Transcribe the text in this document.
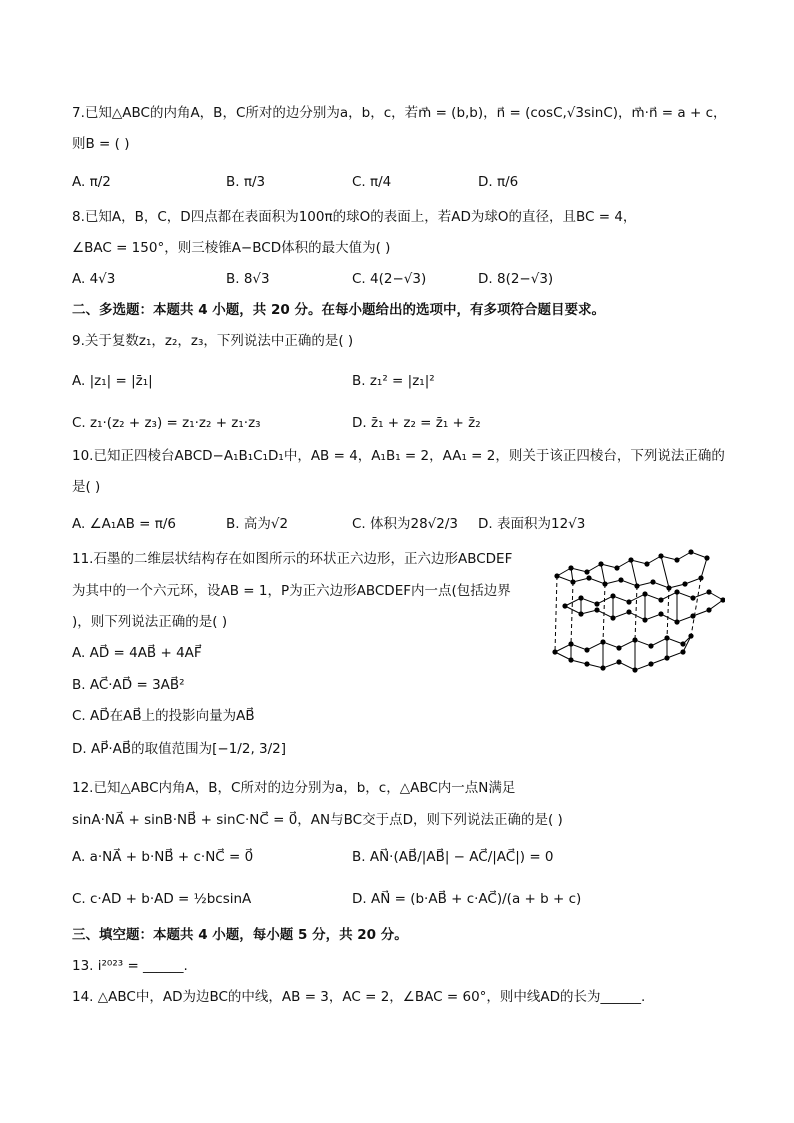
7.已知△ABC的内角A，B，C所对的边分别为a，b，c，若m⃗ = (b,b)，n⃗ = (cosC,√3sinC)，m⃗·n⃗ = a + c，
则B = ( )
A. π/2	B. π/3	C. π/4	D. π/6
8.已知A，B，C，D四点都在表面积为100π的球O的表面上，若AD为球O的直径，且BC = 4，
∠BAC = 150°，则三棱锥A−BCD体积的最大值为( )
A. 4√3	B. 8√3	C. 4(2−√3)	D. 8(2−√3)
二、多选题：本题共 4 小题，共 20 分。在每小题给出的选项中，有多项符合题目要求。
9.关于复数z₁，z₂，z₃，下列说法中正确的是( )
A. |z₁| = |z̄₁|	B. z₁² = |z₁|²
C. z₁·(z₂ + z₃) = z₁·z₂ + z₁·z₃	D. z̄₁ + z₂ = z̄₁ + z̄₂
10.已知正四棱台ABCD−A₁B₁C₁D₁中，AB = 4，A₁B₁ = 2，AA₁ = 2，则关于该正四棱台，下列说法正确的
是( )
A. ∠A₁AB = π/6	B. 高为√2	C. 体积为28√2/3 D. 表面积为12√3
11.石墨的二维层状结构存在如图所示的环状正六边形，正六边形ABCDEF
为其中的一个六元环，设AB = 1，P为正六边形ABCDEF内一点(包括边界
)，则下列说法正确的是( )
A. AD⃗ = 4AB⃗ + 4AF⃗
B. AC⃗·AD⃗ = 3AB⃗²
C. AD⃗在AB⃗上的投影向量为AB⃗
D. AP⃗·AB⃗的取值范围为[−1/2, 3/2]
12.已知△ABC内角A，B，C所对的边分别为a，b，c，△ABC内一点N满足
sinA·NA⃗ + sinB·NB⃗ + sinC·NC⃗ = 0⃗，AN与BC交于点D，则下列说法正确的是( )
A. a·NA⃗ + b·NB⃗ + c·NC⃗ = 0⃗	B. AN⃗·(AB⃗/|AB⃗| − AC⃗/|AC⃗|) = 0
C. c·AD + b·AD = ½bcsinA	D. AN⃗ = (b·AB⃗ + c·AC⃗)/(a + b + c)
三、填空题：本题共 4 小题，每小题 5 分，共 20 分。
13. i²⁰²³ = ______.
14. △ABC中，AD为边BC的中线，AB = 3，AC = 2，∠BAC = 60°，则中线AD的长为______.
